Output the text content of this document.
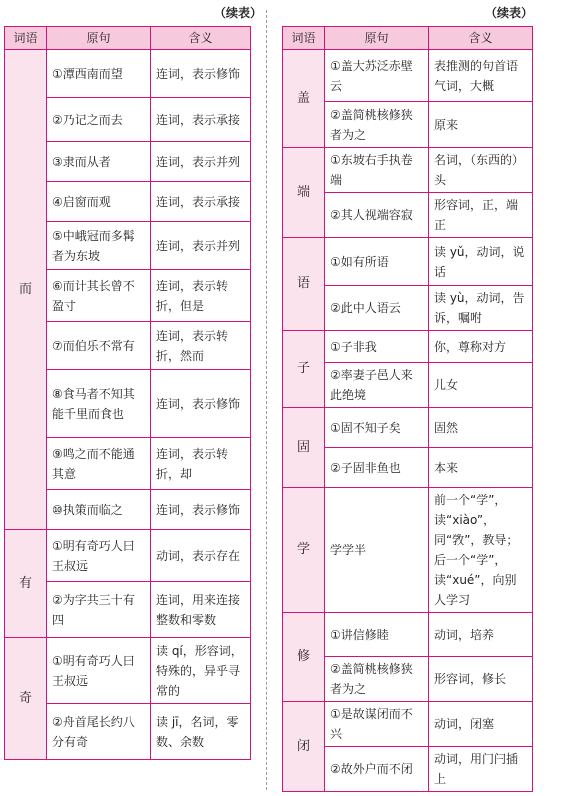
（续表）	（续表）
词语	原句	含义
而	①潭西南而望	连词，表示修饰
	②乃记之而去	连词，表示承接
	③隶而从者	连词，表示并列
	④启窗而观	连词，表示承接
	⑤中峨冠而多髯者为东坡	连词，表示并列
	⑥而计其长曾不盈寸	连词，表示转折，但是
	⑦而伯乐不常有	连词，表示转折，然而
	⑧食马者不知其能千里而食也	连词，表示修饰
	⑨鸣之而不能通其意	连词，表示转折，却
	⑩执策而临之	连词，表示修饰
有	①明有奇巧人曰王叔远	动词，表示存在
	②为字共三十有四	连词，用来连接整数和零数
奇	①明有奇巧人曰王叔远	读 qí，形容词，特殊的，异乎寻常的
	②舟首尾长约八分有奇	读 jī，名词，零数、余数
词语	原句	含义
盖	①盖大苏泛赤壁云	表推测的句首语气词，大概
	②盖简桃核修狭者为之	原来
端	①东坡右手执卷端	名词，（东西的）头
	②其人视端容寂	形容词，正，端正
语	①如有所语	读 yǔ，动词，说话
	②此中人语云	读 yù，动词，告诉，嘱咐
子	①子非我	你，尊称对方
	②率妻子邑人来此绝境	儿女
固	①固不知子矣	固然
	②子固非鱼也	本来
学	学学半	前一个“学”，读“xiào”，同“敩”，教导；后一个“学”，读“xué”，向别人学习
修	①讲信修睦	动词，培养
	②盖简桃核修狭者为之	形容词，修长
闭	①是故谋闭而不兴	动词，闭塞
	②故外户而不闭	动词，用门闩插上
